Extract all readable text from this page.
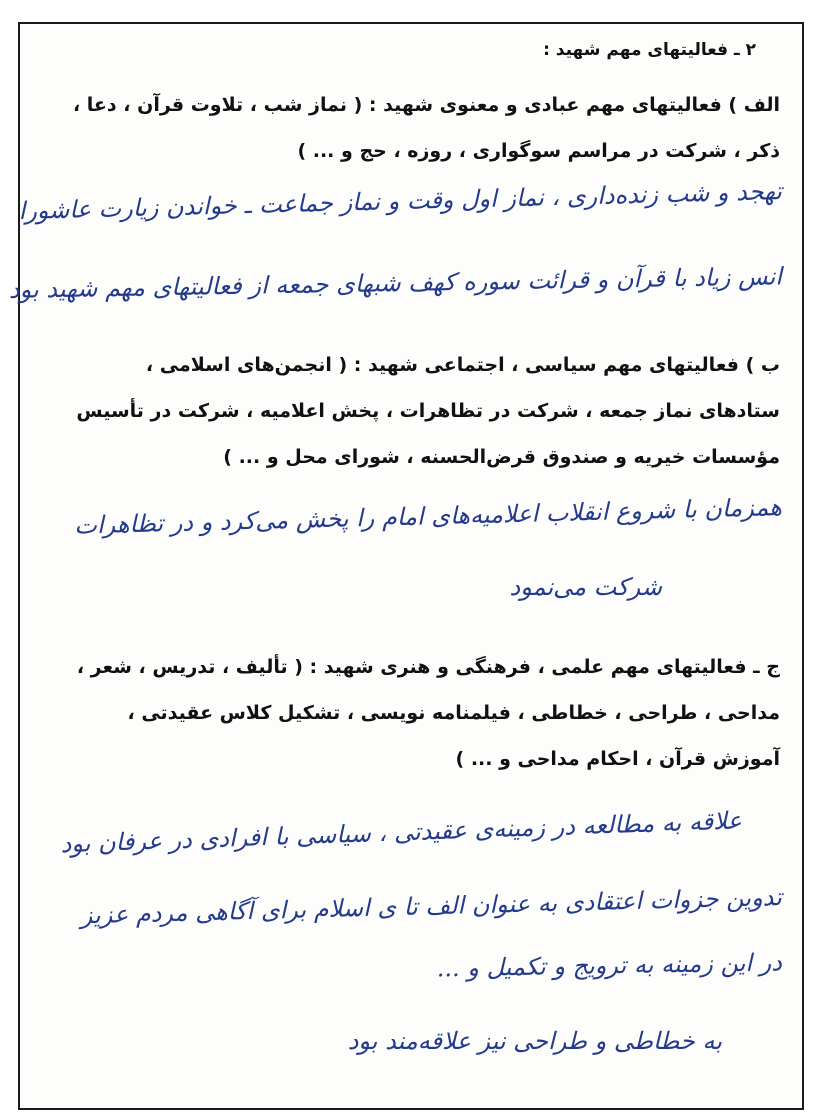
۲ ـ فعالیتهای مهم شهید :
الف ) فعالیتهای مهم عبادی و معنوی شهید : ( نماز شب ، تلاوت قرآن ، دعا ،
ذکر ، شرکت در مراسم سوگواری ، روزه ، حج و ... )
تهجد و شب زنده‌داری ، نماز اول وقت و نماز جماعت ـ خواندن زیارت عاشورا
انس زیاد با قرآن و قرائت سوره کهف شبهای جمعه از فعالیتهای مهم شهید بود
ب ) فعالیتهای مهم سیاسی ، اجتماعی شهید : ( انجمن‌های اسلامی ،
ستادهای نماز جمعه ، شرکت در تظاهرات ، پخش اعلامیه ، شرکت در تأسیس
مؤسسات خیریه و صندوق قرض‌الحسنه ، شورای محل و ... )
همزمان با شروع انقلاب اعلامیه‌های امام را پخش می‌کرد و در تظاهرات
شرکت می‌نمود
ج ـ فعالیتهای مهم علمی ، فرهنگی و هنری شهید : ( تألیف ، تدریس ، شعر ،
مداحی ، طراحی ، خطاطی ، فیلمنامه نویسی ، تشکیل کلاس عقیدتی ،
آموزش قرآن ، احکام مداحی و ... )
علاقه به مطالعه در زمینه‌ی عقیدتی ، سیاسی با افرادی در عرفان بود
تدوین جزوات اعتقادی به عنوان الف تا ی اسلام برای آگاهی مردم عزیز
در این زمینه به ترویج و تکمیل و ...
به خطاطی و طراحی نیز علاقه‌مند بود
